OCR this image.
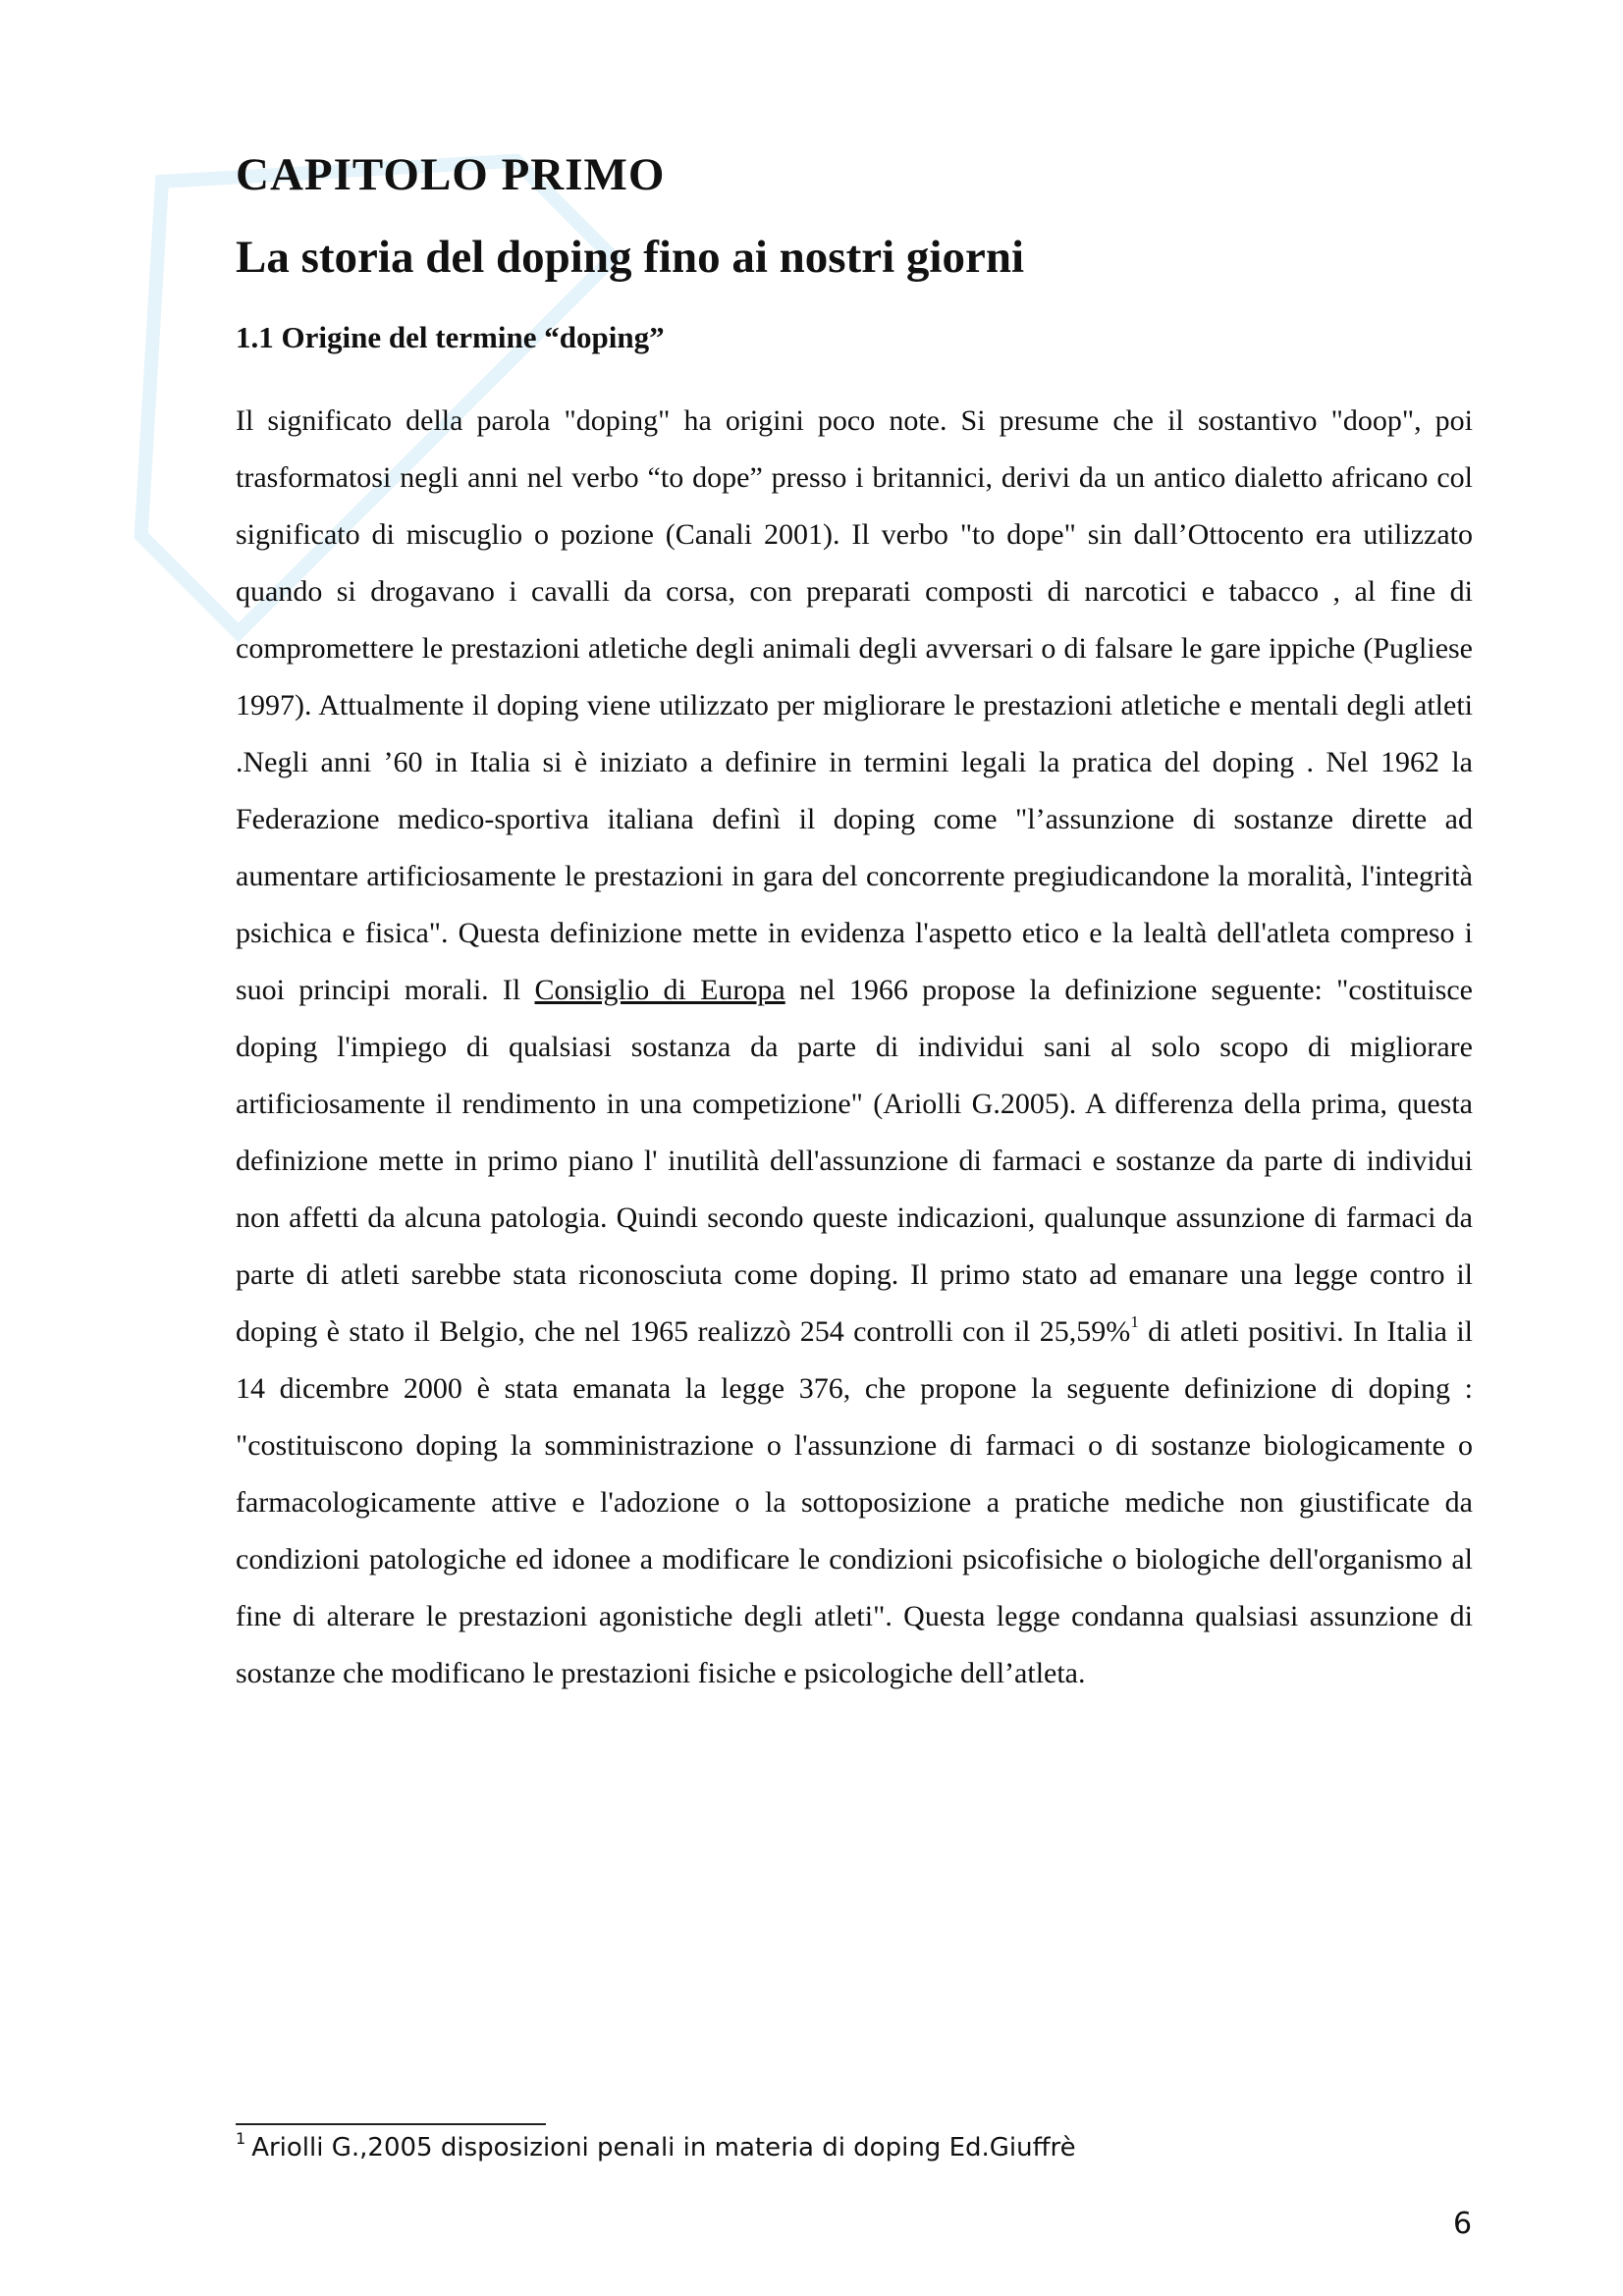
CAPITOLO PRIMO
La storia del doping fino ai nostri giorni
1.1 Origine del termine “doping”

Il significato della parola "doping" ha origini poco note. Si presume che il sostantivo "doop", poi trasformatosi negli anni nel verbo “to dope” presso i britannici, derivi da un antico dialetto africano col significato di miscuglio o pozione (Canali 2001). Il verbo "to dope" sin dall’Ottocento era utilizzato quando si drogavano i cavalli da corsa, con preparati composti di narcotici e tabacco , al fine di compromettere le prestazioni atletiche degli animali degli avversari o di falsare le gare ippiche (Pugliese 1997). Attualmente il doping viene utilizzato per migliorare le prestazioni atletiche e mentali degli atleti .Negli anni ’60 in Italia si è iniziato a definire in termini legali la pratica del doping . Nel 1962 la Federazione medico-sportiva italiana definì il doping come "l’assunzione di sostanze dirette ad aumentare artificiosamente le prestazioni in gara del concorrente pregiudicandone la moralità, l'integrità psichica e fisica". Questa definizione mette in evidenza l'aspetto etico e la lealtà dell'atleta compreso i suoi principi morali. Il Consiglio di Europa nel 1966 propose la definizione seguente: "costituisce doping l'impiego di qualsiasi sostanza da parte di individui sani al solo scopo di migliorare artificiosamente il rendimento in una competizione" (Ariolli G.2005). A differenza della prima, questa definizione mette in primo piano l' inutilità dell'assunzione di farmaci e sostanze da parte di individui non affetti da alcuna patologia. Quindi secondo queste indicazioni, qualunque assunzione di farmaci da parte di atleti sarebbe stata riconosciuta come doping. Il primo stato ad emanare una legge contro il doping è stato il Belgio, che nel 1965 realizzò 254 controlli con il 25,59%$^1$ di atleti positivi. In Italia il 14 dicembre 2000 è stata emanata la legge 376, che propone la seguente definizione di doping : "costituiscono doping la somministrazione o l'assunzione di farmaci o di sostanze biologicamente o farmacologicamente attive e l'adozione o la sottoposizione a pratiche mediche non giustificate da condizioni patologiche ed idonee a modificare le condizioni psicofisiche o biologiche dell'organismo al fine di alterare le prestazioni agonistiche degli atleti". Questa legge condanna qualsiasi assunzione di sostanze che modificano le prestazioni fisiche e psicologiche dell’atleta.

$^1$ Ariolli G.,2005 disposizioni penali in materia di doping Ed.Giuffrè
6
